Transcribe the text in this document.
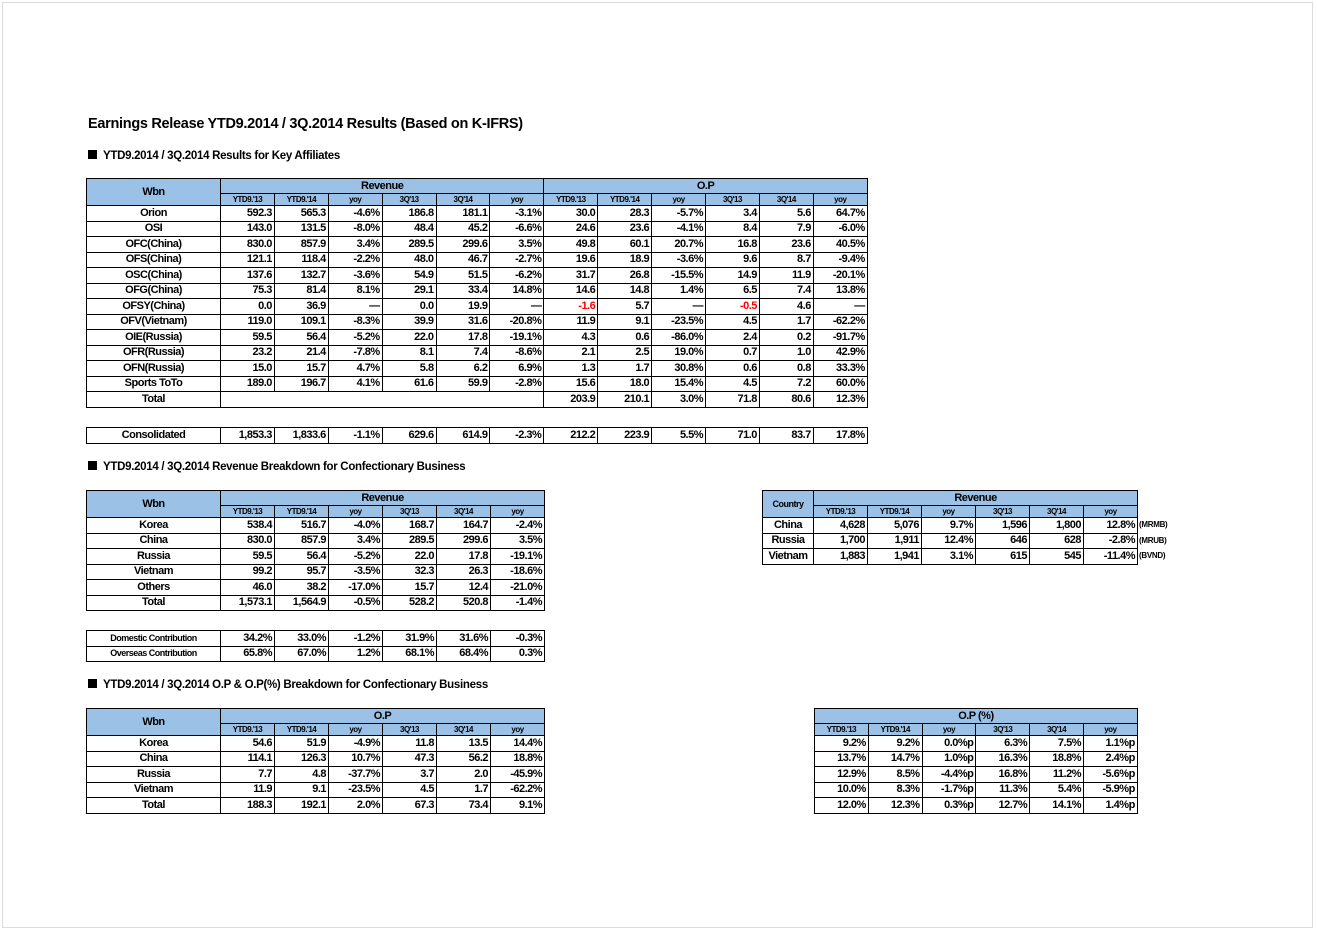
Earnings Release YTD9.2014 / 3Q.2014 Results (Based on K-IFRS)
YTD9.2014 / 3Q.2014 Results for Key Affiliates
YTD9.2014 / 3Q.2014 Revenue Breakdown for Confectionary Business
YTD9.2014 / 3Q.2014 O.P & O.P(%) Breakdown for Confectionary Business
Wbn	Revenue						O.P					
	YTD9.'13	YTD9.'14	yoy	3Q'13	3Q'14	yoy	YTD9.'13	YTD9.'14	yoy	3Q'13	3Q'14	yoy
Orion	592.3	565.3	-4.6%	186.8	181.1	-3.1%	30.0	28.3	-5.7%	3.4	5.6	64.7%
OSI	143.0	131.5	-8.0%	48.4	45.2	-6.6%	24.6	23.6	-4.1%	8.4	7.9	-6.0%
OFC(China)	830.0	857.9	3.4%	289.5	299.6	3.5%	49.8	60.1	20.7%	16.8	23.6	40.5%
OFS(China)	121.1	118.4	-2.2%	48.0	46.7	-2.7%	19.6	18.9	-3.6%	9.6	8.7	-9.4%
OSC(China)	137.6	132.7	-3.6%	54.9	51.5	-6.2%	31.7	26.8	-15.5%	14.9	11.9	-20.1%
OFG(China)	75.3	81.4	8.1%	29.1	33.4	14.8%	14.6	14.8	1.4%	6.5	7.4	13.8%
OFSY(China)	0.0	36.9	—	0.0	19.9	—	-1.6	5.7	—	-0.5	4.6	—
OFV(Vietnam)	119.0	109.1	-8.3%	39.9	31.6	-20.8%	11.9	9.1	-23.5%	4.5	1.7	-62.2%
OIE(Russia)	59.5	56.4	-5.2%	22.0	17.8	-19.1%	4.3	0.6	-86.0%	2.4	0.2	-91.7%
OFR(Russia)	23.2	21.4	-7.8%	8.1	7.4	-8.6%	2.1	2.5	19.0%	0.7	1.0	42.9%
OFN(Russia)	15.0	15.7	4.7%	5.8	6.2	6.9%	1.3	1.7	30.8%	0.6	0.8	33.3%
Sports ToTo	189.0	196.7	4.1%	61.6	59.9	-2.8%	15.6	18.0	15.4%	4.5	7.2	60.0%
Total							203.9	210.1	3.0%	71.8	80.6	12.3%
Consolidated	1,853.3	1,833.6	-1.1%	629.6	614.9	-2.3%	212.2	223.9	5.5%	71.0	83.7	17.8%
Wbn	Revenue					
	YTD9.'13	YTD9.'14	yoy	3Q'13	3Q'14	yoy
Korea	538.4	516.7	-4.0%	168.7	164.7	-2.4%
China	830.0	857.9	3.4%	289.5	299.6	3.5%
Russia	59.5	56.4	-5.2%	22.0	17.8	-19.1%
Vietnam	99.2	95.7	-3.5%	32.3	26.3	-18.6%
Others	46.0	38.2	-17.0%	15.7	12.4	-21.0%
Total	1,573.1	1,564.9	-0.5%	528.2	520.8	-1.4%
Domestic Contribution	34.2%	33.0%	-1.2%	31.9%	31.6%	-0.3%
Overseas Contribution	65.8%	67.0%	1.2%	68.1%	68.4%	0.3%
Country	Revenue					
	YTD9.'13	YTD9.'14	yoy	3Q'13	3Q'14	yoy
China	4,628	5,076	9.7%	1,596	1,800	12.8%
Russia	1,700	1,911	12.4%	646	628	-2.8%
Vietnam	1,883	1,941	3.1%	615	545	-11.4%
(MRMB)
(MRUB)
(BVND)
Wbn	O.P					
	YTD9.'13	YTD9.'14	yoy	3Q'13	3Q'14	yoy
Korea	54.6	51.9	-4.9%	11.8	13.5	14.4%
China	114.1	126.3	10.7%	47.3	56.2	18.8%
Russia	7.7	4.8	-37.7%	3.7	2.0	-45.9%
Vietnam	11.9	9.1	-23.5%	4.5	1.7	-62.2%
Total	188.3	192.1	2.0%	67.3	73.4	9.1%
O.P (%)					
YTD9.'13	YTD9.'14	yoy	3Q'13	3Q'14	yoy
9.2%	9.2%	0.0%p	6.3%	7.5%	1.1%p
13.7%	14.7%	1.0%p	16.3%	18.8%	2.4%p
12.9%	8.5%	-4.4%p	16.8%	11.2%	-5.6%p
10.0%	8.3%	-1.7%p	11.3%	5.4%	-5.9%p
12.0%	12.3%	0.3%p	12.7%	14.1%	1.4%p
